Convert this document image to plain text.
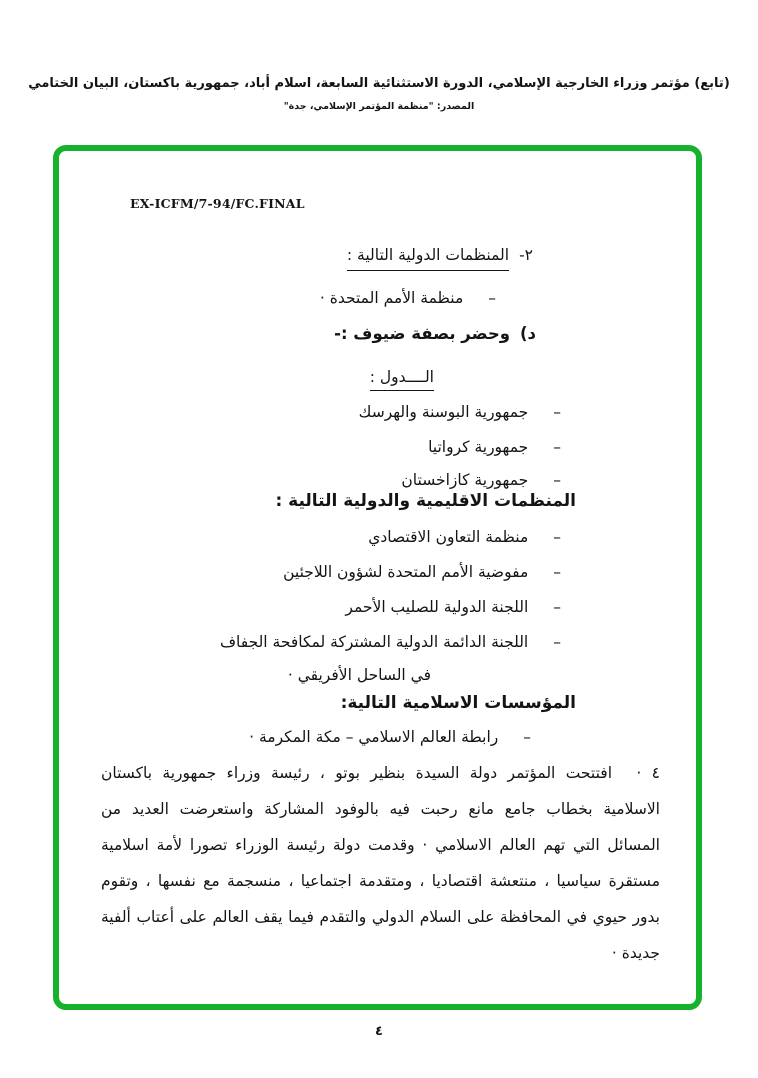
(تابع) مؤتمر وزراء الخارجية الإسلامي، الدورة الاستثنائية السابعة، اسلام أباد، جمهورية باكستان، البيان الختامي
المصدر: "منظمة المؤتمر الإسلامي، جدة"
EX-ICFM/7-94/FC.FINAL
٢-
المنظمات الدولية التالية :
–
منظمة الأمم المتحدة ·
د)
وحضر بصفة ضيوف :-
الــــدول :
–
جمهورية البوسنة والهرسك
–
جمهورية كرواتيا
–
جمهورية كازاخستان
المنظمات الاقليمية والدولية التالية :
–
منظمة التعاون الاقتصادي
–
مفوضية الأمم المتحدة لشؤون اللاجئين
–
اللجنة الدولية للصليب الأحمر
–
اللجنة الدائمة الدولية المشتركة لمكافحة الجفاف
في الساحل الأفريقي ·
المؤسسات الاسلامية التالية:
–
رابطة العالم الاسلامي – مكة المكرمة ·
٤ · افتتحت المؤتمر دولة السيدة بنظير بوتو ، رئيسة وزراء جمهورية باكستان
الاسلامية بخطاب جامع مانع رحبت فيه بالوفود المشاركة واستعرضت العديد من
المسائل التي تهم العالم الاسلامي · وقدمت دولة رئيسة الوزراء تصورا لأمة اسلامية
مستقرة سياسيا ، منتعشة اقتصاديا ، ومتقدمة اجتماعيا ، منسجمة مع نفسها ، وتقوم
بدور حيوي في المحافظة على السلام الدولي والتقدم فيما يقف العالم على أعتاب ألفية
جديدة ·
٤
